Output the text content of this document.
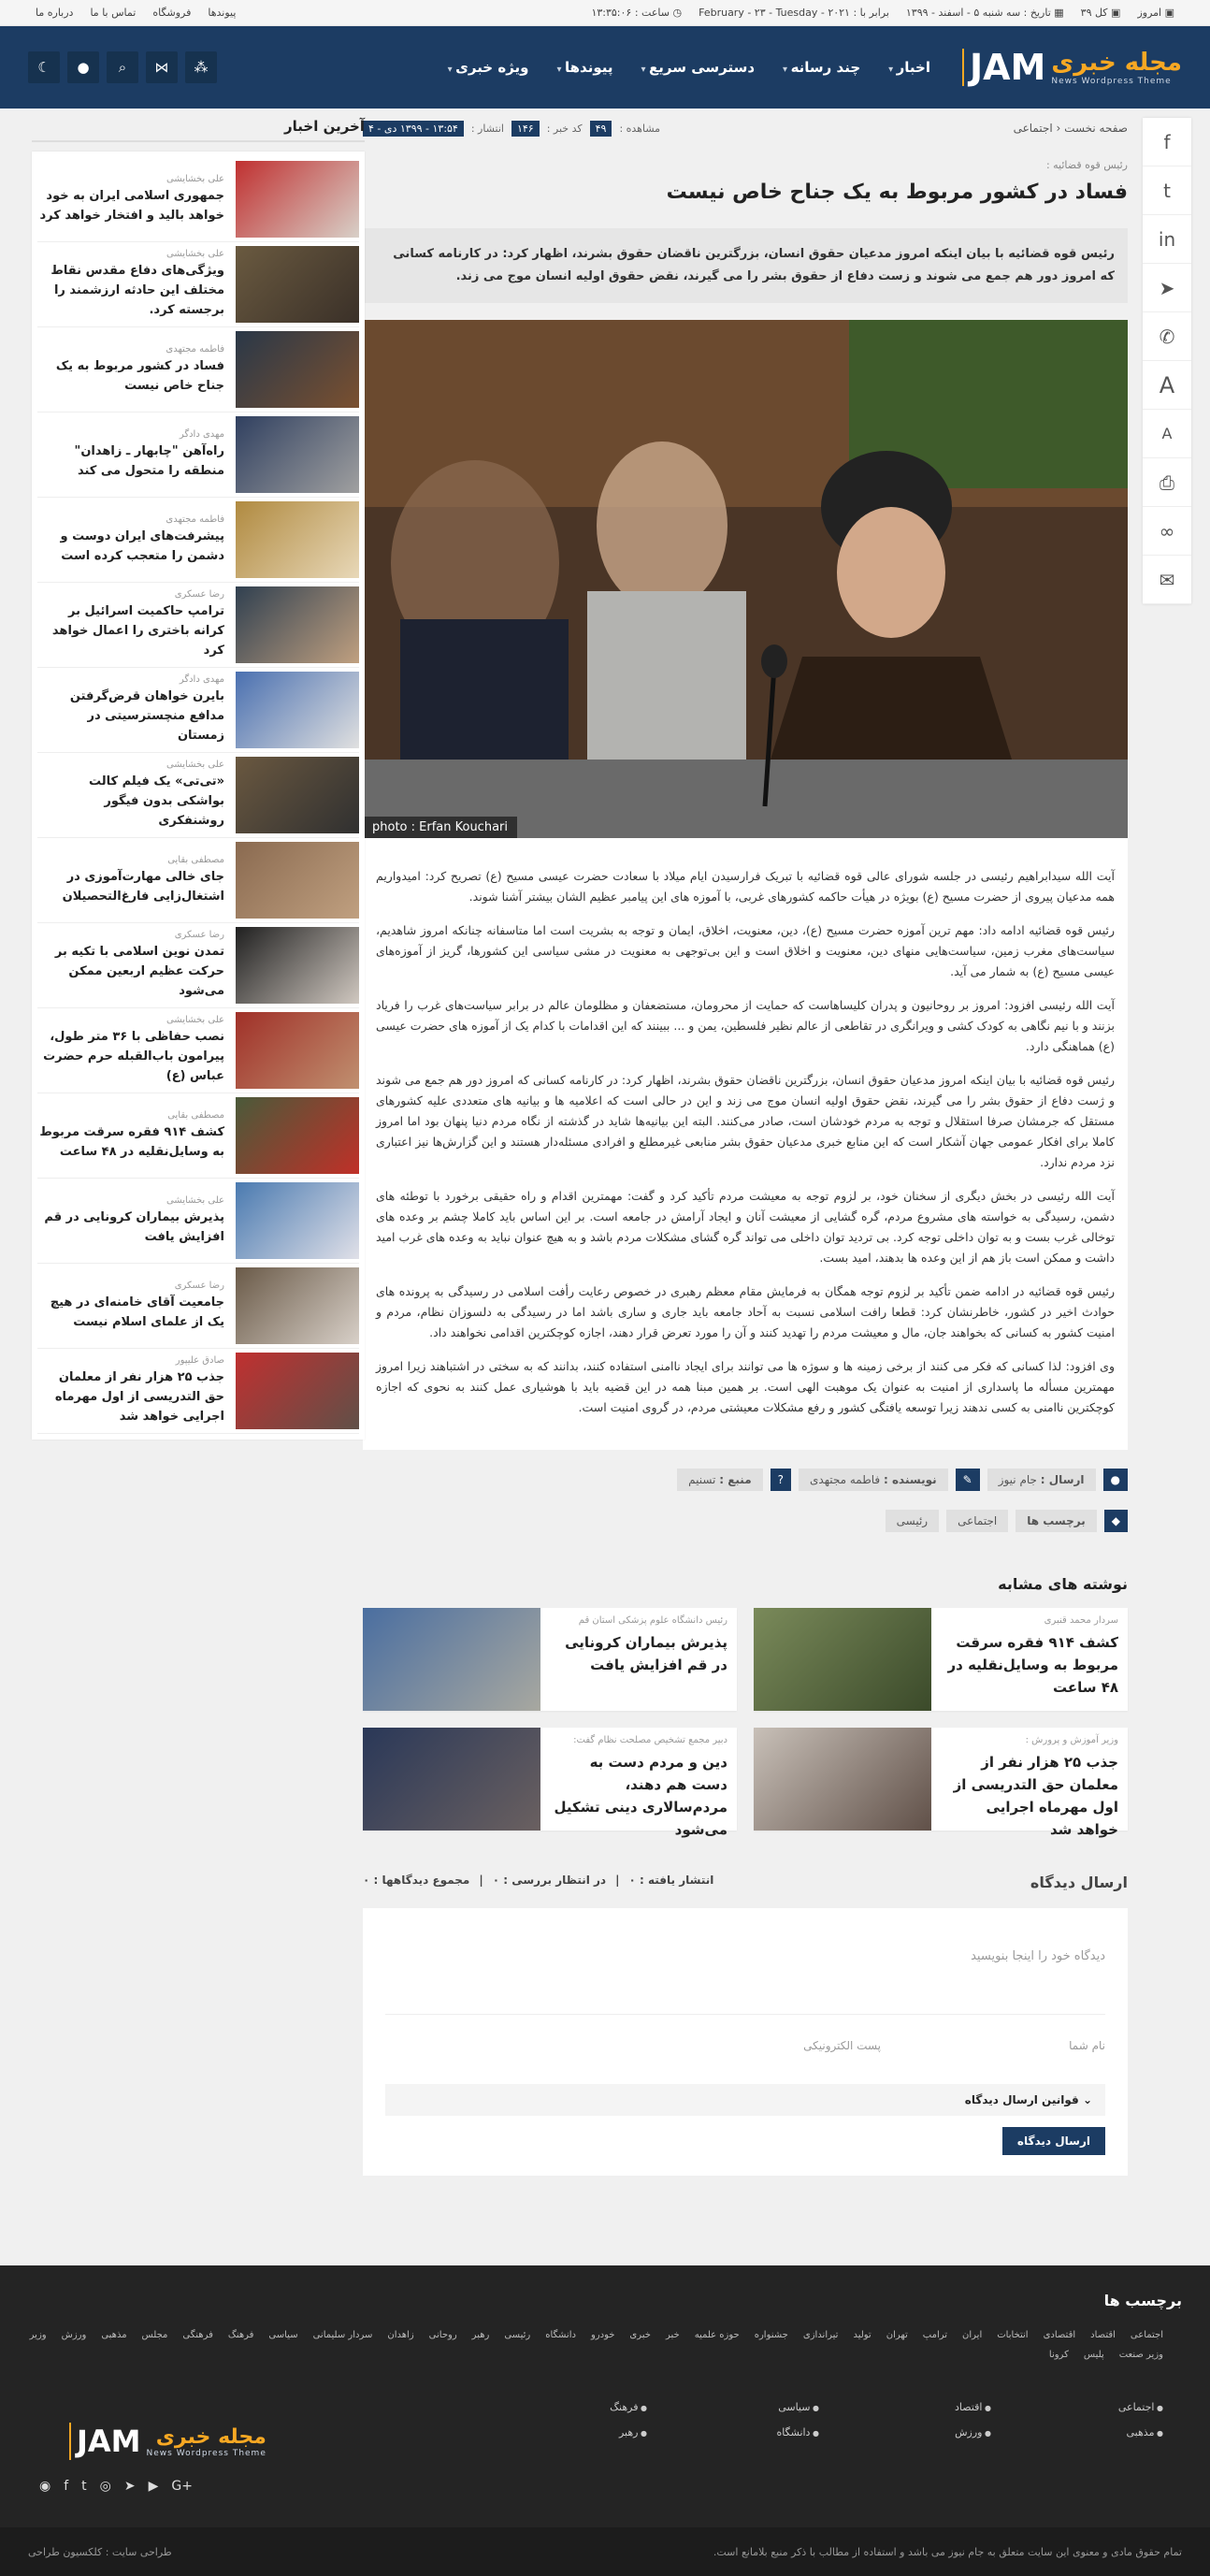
▣ امروز
▣ کل ۳۹
▦ تاریخ : سه شنبه ۵ - اسفند - ۱۳۹۹
برابر با : ۲۰۲۱ - February - ۲۳ - Tuesday
◷ ساعت : ۱۳:۳۵:۰۶
پیوندها
فروشگاه
تماس با ما
درباره ما
JAM مجله خبری
News Wordpress Theme
اخبار ▾
چند رسانه ▾
دسترسی سریع ▾
پیوندها ▾
ویژه خبری ▾
⁂
⋈
⌕
●
☾
f
t
in
➤
✆
A
A
⎙
∞
✉
صفحه نخست ‹ اجتماعی
مشاهده :
۴۹
کد خبر :
۱۴۶
انتشار :
۱۳:۵۴ - ۱۳۹۹ دی - ۴
رئیس قوه قضائیه :
فساد در کشور مربوط به یک جناح خاص نیست
رئیس قوه قضائیه با بیان اینکه امروز مدعیان حقوق انسان، بزرگترین ناقضان حقوق بشرند، اظهار کرد: در کارنامه کسانی که امروز دور هم جمع می شوند و زست دفاع از حقوق بشر را می گیرند، نقض حقوق اولیه انسان موج می زند.
photo : Erfan Kouchari

آیت الله سیدابراهیم رئیسی در جلسه شورای عالی قوه قضائیه با تبریک فرارسیدن ایام میلاد با سعادت حضرت عیسی مسیح (ع) تصریح کرد: امیدواریم همه مدعیان پیروی از حضرت مسیح (ع) بویژه در هیأت حاکمه کشورهای غربی، با آموزه های این پیامبر عظیم الشان بیشتر آشنا شوند.

رئیس قوه قضائیه ادامه داد: مهم ترین آموزه حضرت مسیح (ع)، دین، معنویت، اخلاق، ایمان و توجه به بشریت است اما متاسفانه چنانکه امروز شاهدیم، سیاست‌های مغرب زمین، سیاست‌هایی منهای دین، معنویت و اخلاق است و این بی‌توجهی به معنویت در مشی سیاسی این کشورها، گریز از آموزه‌های عیسی مسیح (ع) به شمار می آید.

آیت الله رئیسی افزود: امروز بر روحانیون و پدران کلیساهاست که حمایت از محرومان، مستضعفان و مظلومان عالم در برابر سیاست‌های غرب را فریاد بزنند و با نیم نگاهی به کودک کشی و ویرانگری در تقاطعی از عالم نظیر فلسطین، یمن و ... ببینند که این اقدامات با کدام یک از آموزه های حضرت عیسی (ع) هماهنگی دارد.

رئیس قوه قضائیه با بیان اینکه امروز مدعیان حقوق انسان، بزرگترین ناقضان حقوق بشرند، اظهار کرد: در کارنامه کسانی که امروز دور هم جمع می شوند و ژست دفاع از حقوق بشر را می گیرند، نقض حقوق اولیه انسان موج می زند و این در حالی است که اعلامیه ها و بیانیه های متعددی علیه کشورهای مستقل که جرمشان صرفا استقلال و توجه به مردم خودشان است، صادر می‌کنند. البته این بیانیه‌ها شاید در گذشته از نگاه مردم دنیا پنهان بود اما امروز کاملا برای افکار عمومی جهان آشکار است که این منابع خبری مدعیان حقوق بشر منابعی غیرمطلع و افرادی مسئله‌دار هستند و این گزارش‌ها نیز اعتباری نزد مردم ندارد.

آیت الله رئیسی در بخش دیگری از سخنان خود، بر لزوم توجه به معیشت مردم تأکید کرد و گفت: مهمترین اقدام و راه حقیقی برخورد با توطئه های دشمن، رسیدگی به خواسته های مشروع مردم، گره گشایی از معیشت آنان و ایجاد آرامش در جامعه است. بر این اساس باید کاملا چشم بر وعده های توخالی غرب بست و به توان داخلی توجه کرد. بی تردید توان داخلی می تواند گره گشای مشکلات مردم باشد و به هیچ عنوان نباید به وعده های غرب امید داشت و ممکن است باز هم از این وعده ها بدهند، امید بست.

رئیس قوه قضائیه در ادامه ضمن تأکید بر لزوم توجه همگان به فرمایش مقام معظم رهبری در خصوص رعایت رأفت اسلامی در رسیدگی به پرونده های حوادث اخیر در کشور، خاطرنشان کرد: قطعا رافت اسلامی نسبت به آحاد جامعه باید جاری و ساری باشد اما در رسیدگی به دلسوزان نظام، مردم و امنیت کشور به کسانی که بخواهند جان، مال و معیشت مردم را تهدید کنند و آن را مورد تعرض قرار دهند، اجازه کوچکترین اقدامی نخواهند داد.

وی افزود: لذا کسانی که فکر می کنند از برخی زمینه ها و سوژه ها می توانند برای ایجاد ناامنی استفاده کنند، بدانند که به سختی در اشتباهند زیرا امروز مهمترین مسأله ما پاسداری از امنیت به عنوان یک موهبت الهی است. بر همین مبنا همه در این قضیه باید با هوشیاری عمل کنند به نحوی که اجازه کوچکترین ناامنی به کسی ندهند زیرا توسعه یافتگی کشور و رفع مشکلات معیشتی مردم، در گروی امنیت است.

●
ارسال : جام نیوز
✎
نویسنده : فاطمه مجتهدی
?
منبع : تسنیم
◆
برچسب ها
اجتماعی
رئیسی
نوشته های مشابه
سردار محمد قنبری
کشف ۹۱۴ فقره سرقت مربوط به وسایل‌نقلیه در ۴۸ ساعت
رئیس دانشگاه علوم پزشکی استان قم
پذیرش بیماران کرونایی در قم افزایش یافت
وزیر آموزش و پرورش :
جذب ۲۵ هزار نفر از معلمان حق التدریسی از اول مهرماه اجرایی خواهد شد
دبیر مجمع تشخیص مصلحت نظام گفت:
دین و مردم دست به دست هم دهند، مردم‌سالاری دینی تشکیل می‌شود
ارسال دیدگاه
انتشار یافته : ۰
|
در انتظار بررسی : ۰
|
مجموع دیدگاهها : ۰
دیدگاه خود را اینجا بنویسید
نام شما
پست الکترونیکی
⌄ قوانین ارسال دیدگاه
ارسال دیدگاه
آخرین اخبار
علی بخشایشی
جمهوری اسلامی ایران به خود خواهد بالید و افتخار خواهد کرد
علی بخشایشی
ویژگی‌های دفاع مقدس نقاط مختلف این حادثه ارزشمند را برجسته کرد.
فاطمه مجتهدی
فساد در کشور مربوط به یک جناح خاص نیست
مهدی دادگر
راه‌آهن "چابهار ـ زاهدان" منطقه را متحول می کند
فاطمه مجتهدی
پیشرفت‌های ایران دوست و دشمن را متعجب کرده است
رضا عسکری
ترامپ حاکمیت اسرائیل بر کرانه باختری را اعمال خواهد کرد
مهدی دادگر
بایرن خواهان قرض‌گرفتن مدافع منچسترسیتی در زمستان
علی بخشایشی
«تی‌تی» یک فیلم کالت بواشکی بدون فیگور روشنفکری
مصطفی بقایی
جای خالی مهارت‌آموزی در اشتغال‌زایی فارغ‌التحصیلان
رضا عسکری
تمدن نوین اسلامی با تکیه بر حرکت عظیم اربعین ممکن می‌شود
علی بخشایشی
نصب حفاظی با ۳۶ متر طول، پیرامون باب‌القبله حرم حضرت عباس (ع)
مصطفی بقایی
کشف ۹۱۴ فقره سرقت مربوط به وسایل‌نقلیه در ۴۸ ساعت
علی بخشایشی
پذیرش بیماران کرونایی در قم افزایش یافت
رضا عسکری
جامعیت آقای خامنه‌ای در هیچ یک از علمای اسلام نیست
صادق علیپور
جذب ۲۵ هزار نفر از معلمان حق التدریسی از اول مهرماه اجرایی خواهد شد
برچسب ها
اجتماعی
اقتصاد
اقتصادی
انتخابات
ایران
ترامپ
تهران
تولید
تیراندازی
جشنواره
حوزه علمیه
خبر
خبری
خودرو
دانشگاه
رئیسی
رهبر
روحانی
زاهدان
سردار سلیمانی
سیاسی
فرهنگ
فرهنگی
مجلس
مذهبی
ورزش
وزیر
وزیر صنعت
پلیس
کرونا
● اجتماعی
● اقتصاد
● سیاسی
● فرهنگ
● مذهبی
● ورزش
● دانشگاه
● رهبر
JAM مجله خبری
News Wordpress Theme
◉ f t ◎ ➤ ▶ G+
تمام حقوق مادی و معنوی این سایت متعلق به جام نیوز می باشد و استفاده از مطالب با ذکر منبع بلامانع است.
طراحی سایت : کلکسیون طراحی
